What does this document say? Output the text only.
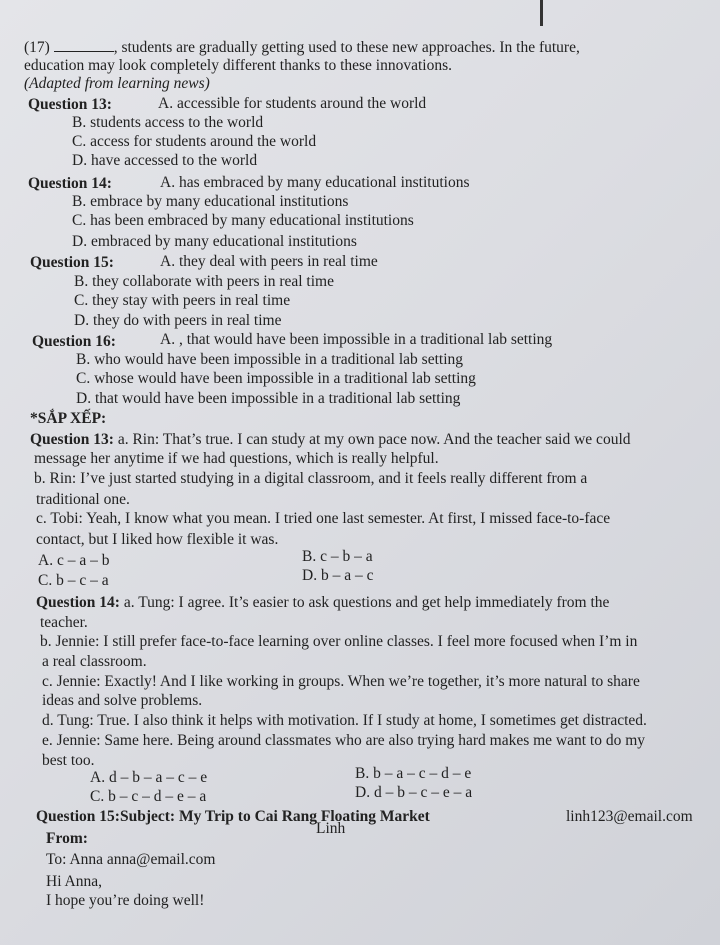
(17)	, students are gradually getting used to these new approaches. In the future,
education may look completely different thanks to these innovations.
(Adapted from learning news)
Question 13:	A. accessible for students around the world
B. students access to the world
C. access for students around the world
D. have accessed to the world
Question 14:	A. has embraced by many educational institutions
B. embrace by many educational institutions
C. has been embraced by many educational institutions
D. embraced by many educational institutions
Question 15:	A. they deal with peers in real time
B. they collaborate with peers in real time
C. they stay with peers in real time
D. they do with peers in real time
Question 16:	A. , that would have been impossible in a traditional lab setting
B. who would have been impossible in a traditional lab setting
C. whose would have been impossible in a traditional lab setting
D. that would have been impossible in a traditional lab setting
*SẮP XẾP:
Question 13: a. Rin: That’s true. I can study at my own pace now. And the teacher said we could
message her anytime if we had questions, which is really helpful.
b. Rin: I’ve just started studying in a digital classroom, and it feels really different from a
traditional one.
c. Tobi: Yeah, I know what you mean. I tried one last semester. At first, I missed face-to-face
contact, but I liked how flexible it was.
A. c – a – b	B. c – b – a
C. b – c – a	D. b – a – c
Question 14: a. Tung: I agree. It’s easier to ask questions and get help immediately from the
teacher.
b. Jennie: I still prefer face-to-face learning over online classes. I feel more focused when I’m in
a real classroom.
c. Jennie: Exactly! And I like working in groups. When we’re together, it’s more natural to share
ideas and solve problems.
d. Tung: True. I also think it helps with motivation. If I study at home, I sometimes get distracted.
e. Jennie: Same here. Being around classmates who are also trying hard makes me want to do my
best too.
A. d – b – a – c – e	B. b – a – c – d – e
C. b – c – d – e – a	D. d – b – c – e – a
Question 15:Subject: My Trip to Cai Rang Floating Market	linh123@email.com
Linh
From:
To: Anna anna@email.com
Hi Anna,
I hope you’re doing well!
